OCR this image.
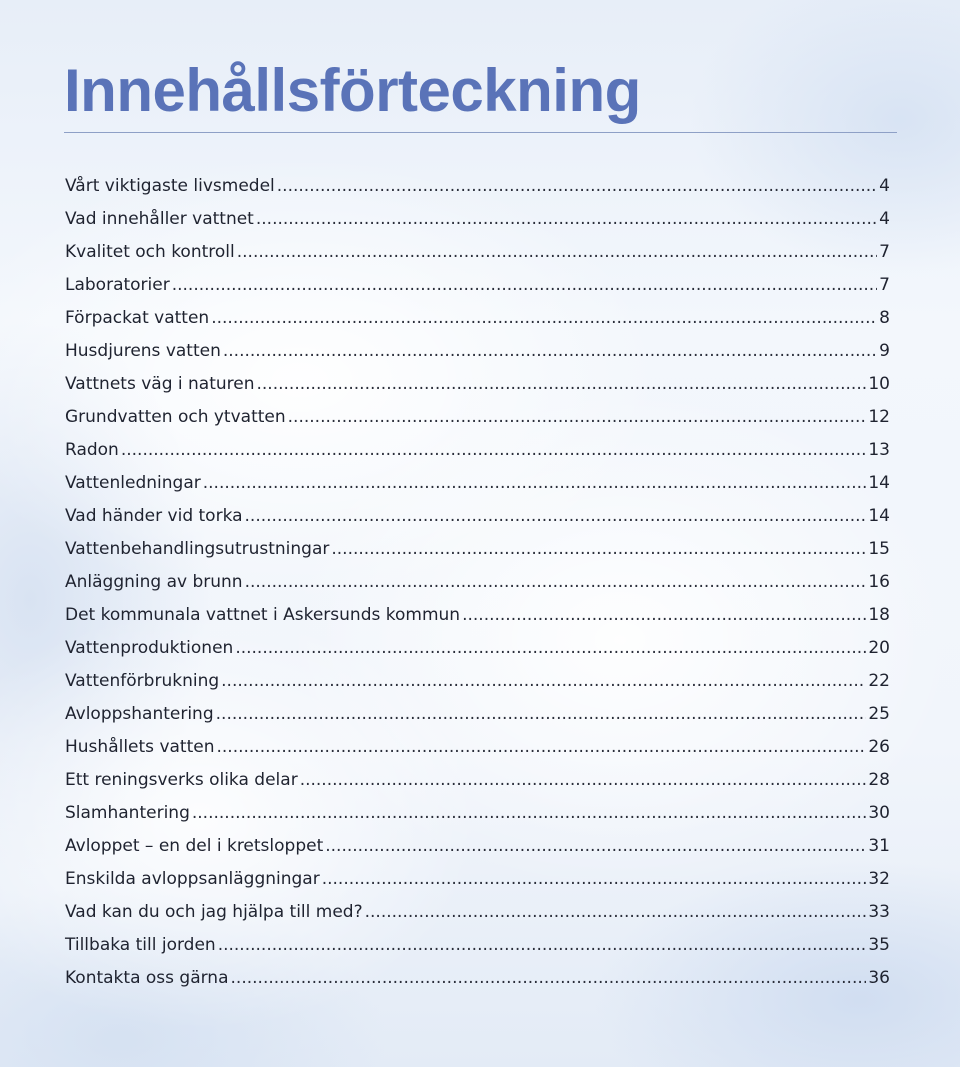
Innehållsförteckning
Vårt viktigaste livsmedel .....	4
Vad innehåller vattnet .....	4
Kvalitet och kontroll .....	7
Laboratorier .....	7
Förpackat vatten .....	8
Husdjurens vatten .....	9
Vattnets väg i naturen .....	10
Grundvatten och ytvatten .....	12
Radon .....	13
Vattenledningar .....	14
Vad händer vid torka .....	14
Vattenbehandlingsutrustningar .....	15
Anläggning av brunn .....	16
Det kommunala vattnet i Askersunds kommun .....	18
Vattenproduktionen .....	20
Vattenförbrukning .....	22
Avloppshantering .....	25
Hushållets vatten .....	26
Ett reningsverks olika delar .....	28
Slamhantering .....	30
Avloppet – en del i kretsloppet .....	31
Enskilda avloppsanläggningar .....	32
Vad kan du och jag hjälpa till med? .....	33
Tillbaka till jorden .....	35
Kontakta oss gärna .....	36
